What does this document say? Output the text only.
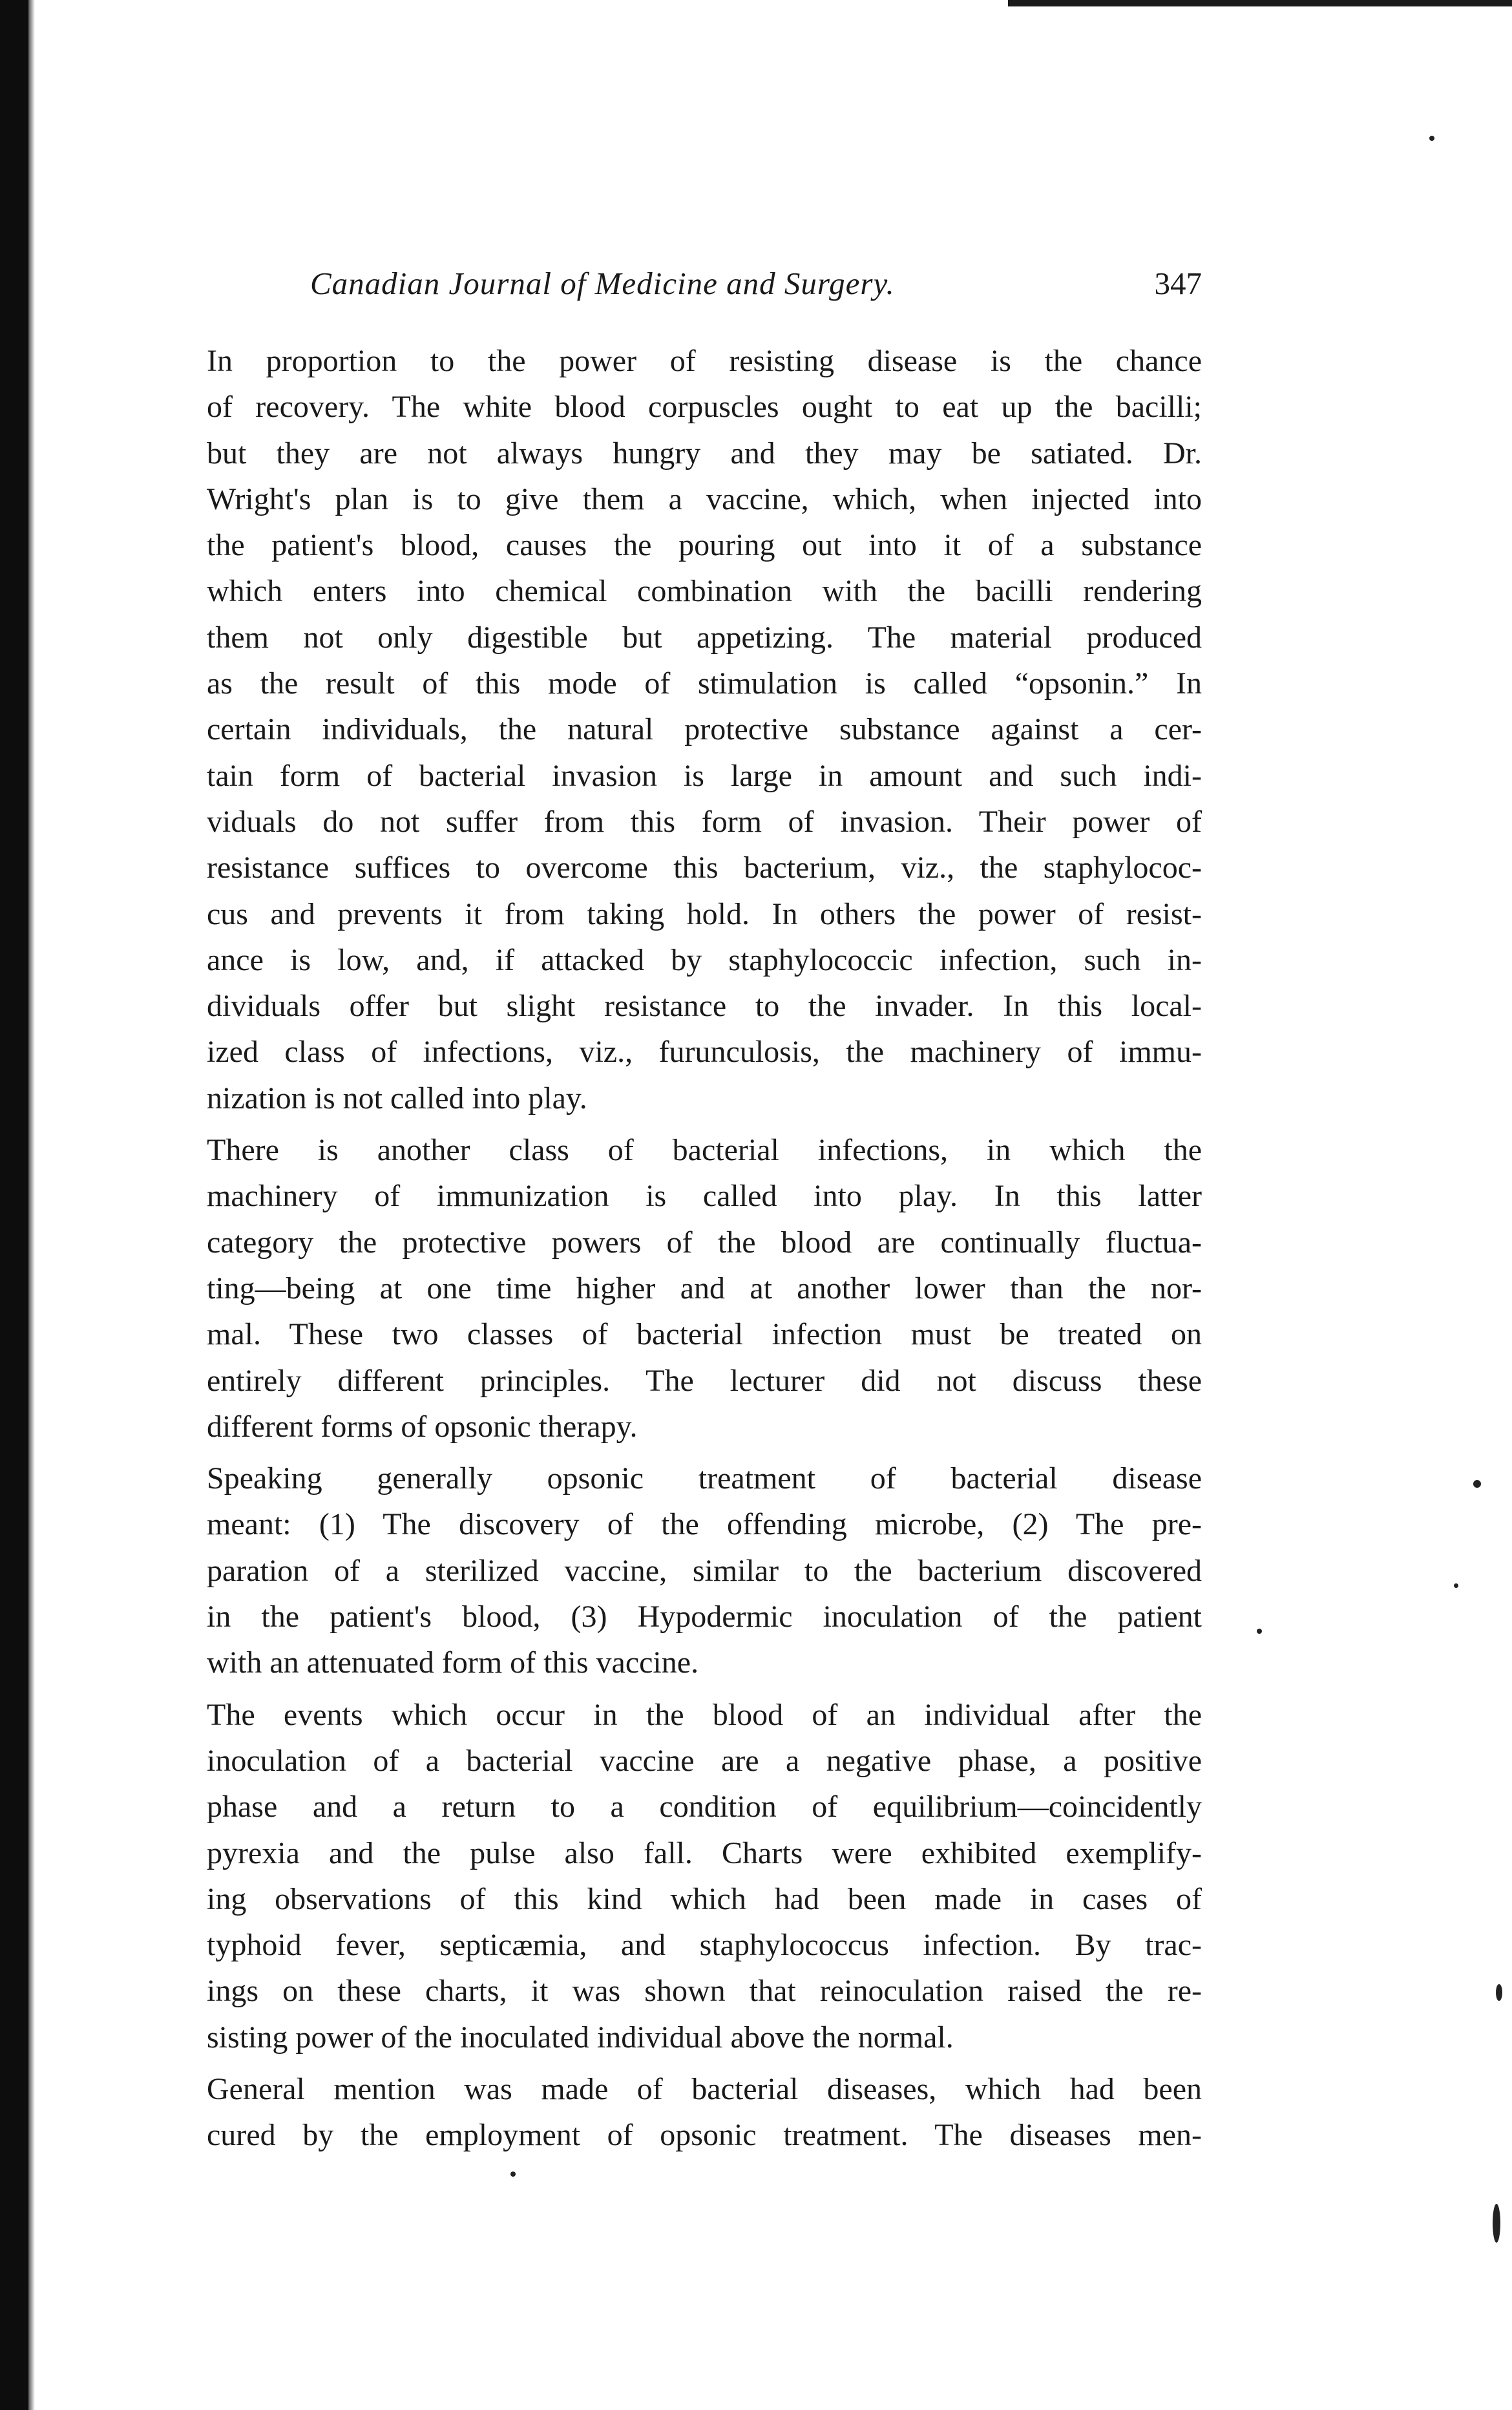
Canadian Journal of Medicine and Surgery.	347

In proportion to the power of resisting disease is the chance
of recovery. The white blood corpuscles ought to eat up the bacilli;
but they are not always hungry and they may be satiated. Dr.
Wright's plan is to give them a vaccine, which, when injected into
the patient's blood, causes the pouring out into it of a substance
which enters into chemical combination with the bacilli rendering
them not only digestible but appetizing. The material produced
as the result of this mode of stimulation is called “opsonin.” In
certain individuals, the natural protective substance against a cer-
tain form of bacterial invasion is large in amount and such indi-
viduals do not suffer from this form of invasion. Their power of
resistance suffices to overcome this bacterium, viz., the staphylococ-
cus and prevents it from taking hold. In others the power of resist-
ance is low, and, if attacked by staphylococcic infection, such in-
dividuals offer but slight resistance to the invader. In this local-
ized class of infections, viz., furunculosis, the machinery of immu-
nization is not called into play.

There is another class of bacterial infections, in which the
machinery of immunization is called into play. In this latter
category the protective powers of the blood are continually fluctua-
ting—being at one time higher and at another lower than the nor-
mal. These two classes of bacterial infection must be treated on
entirely different principles. The lecturer did not discuss these
different forms of opsonic therapy.

Speaking generally opsonic treatment of bacterial disease
meant: (1) The discovery of the offending microbe, (2) The pre-
paration of a sterilized vaccine, similar to the bacterium discovered
in the patient's blood, (3) Hypodermic inoculation of the patient
with an attenuated form of this vaccine.

The events which occur in the blood of an individual after the
inoculation of a bacterial vaccine are a negative phase, a positive
phase and a return to a condition of equilibrium—coincidently
pyrexia and the pulse also fall. Charts were exhibited exemplify-
ing observations of this kind which had been made in cases of
typhoid fever, septicæmia, and staphylococcus infection. By trac-
ings on these charts, it was shown that reinoculation raised the re-
sisting power of the inoculated individual above the normal.

General mention was made of bacterial diseases, which had been
cured by the employment of opsonic treatment. The diseases men-
